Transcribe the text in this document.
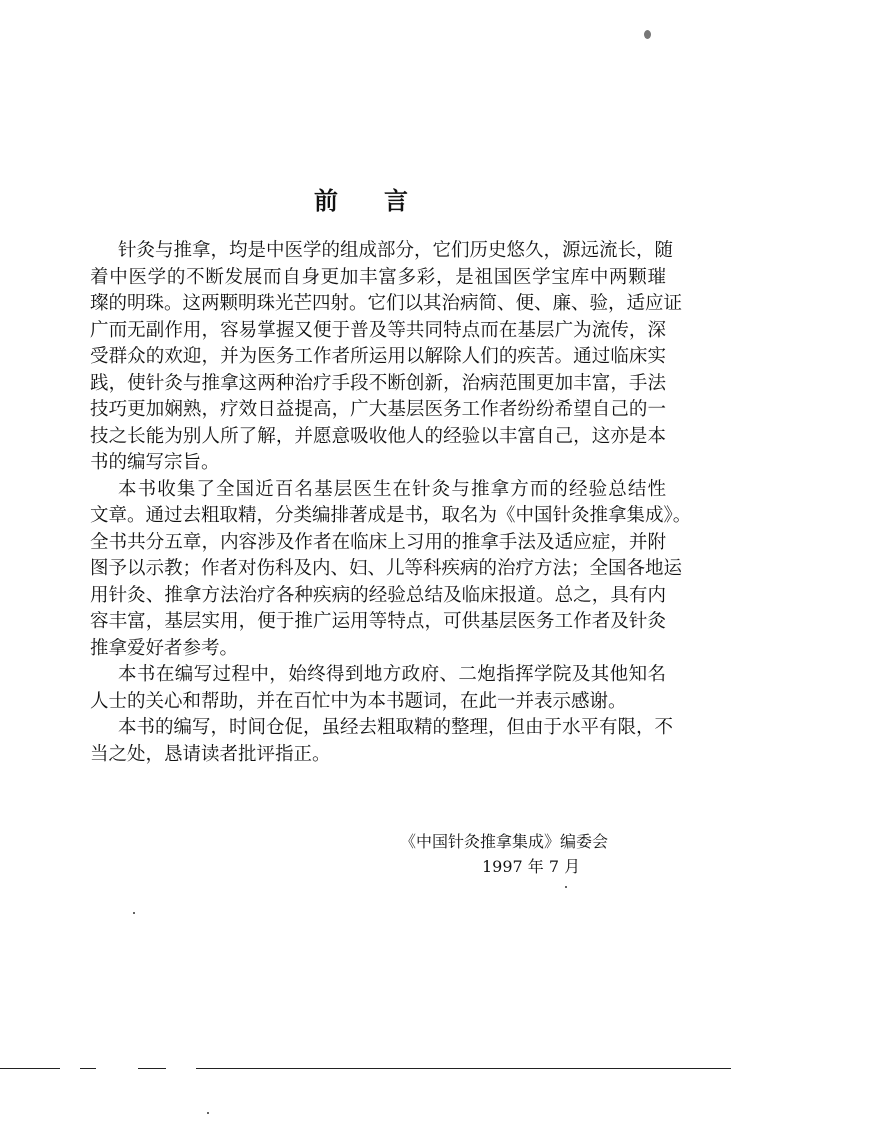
前　言
针灸与推拿，均是中医学的组成部分，它们历史悠久，源远流长，随
着中医学的不断发展而自身更加丰富多彩，是祖国医学宝库中两颗璀
璨的明珠。这两颗明珠光芒四射。它们以其治病简、便、廉、验，适应证
广而无副作用，容易掌握又便于普及等共同特点而在基层广为流传，深
受群众的欢迎，并为医务工作者所运用以解除人们的疾苦。通过临床实
践，使针灸与推拿这两种治疗手段不断创新，治病范围更加丰富，手法
技巧更加娴熟，疗效日益提高，广大基层医务工作者纷纷希望自己的一
技之长能为别人所了解，并愿意吸收他人的经验以丰富自己，这亦是本
书的编写宗旨。
本书收集了全国近百名基层医生在针灸与推拿方而的经验总结性
文章。通过去粗取精，分类编排著成是书，取名为《中国针灸推拿集成》。
全书共分五章，内容涉及作者在临床上习用的推拿手法及适应症，并附
图予以示教；作者对伤科及内、妇、儿等科疾病的治疗方法；全国各地运
用针灸、推拿方法治疗各种疾病的经验总结及临床报道。总之，具有内
容丰富，基层实用，便于推广运用等特点，可供基层医务工作者及针灸
推拿爱好者参考。
本书在编写过程中，始终得到地方政府、二炮指挥学院及其他知名
人士的关心和帮助，并在百忙中为本书题词，在此一并表示感谢。
本书的编写，时间仓促，虽经去粗取精的整理，但由于水平有限，不
当之处，恳请读者批评指正。
《中国针灸推拿集成》编委会
1997 年 7 月
